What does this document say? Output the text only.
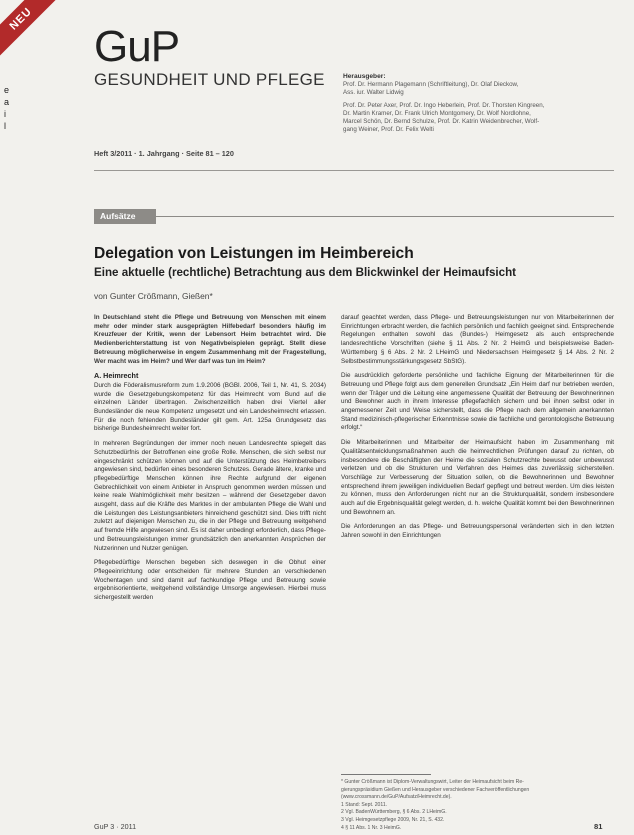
NEU
e
a
i
l
GuP
GESUNDHEIT UND PFLEGE	Herausgeber:
Prof. Dr. Hermann Plagemann (Schriftleitung), Dr. Olaf Dieckow,
Ass. iur. Walter Lidwig
Prof. Dr. Peter Axer, Prof. Dr. Ingo Heberlein, Prof. Dr. Thorsten Kingreen,
Dr. Martin Kramer, Dr. Frank Ulrich Montgomery, Dr. Wolf Nordlohne,
Marcel Schön, Dr. Bernd Schulze, Prof. Dr. Katrin Weidenbrecher, Wolf-
gang Weiner, Prof. Dr. Felix Welti
Heft 3/2011 · 1. Jahrgang · Seite 81 – 120
Aufsätze
Delegation von Leistungen im Heimbereich
Eine aktuelle (rechtliche) Betrachtung aus dem Blickwinkel der Heimaufsicht
von Gunter Crößmann, Gießen*

In Deutschland steht die Pflege und Betreuung von Menschen mit einem mehr oder minder stark ausgeprägten Hilfebedarf besonders häufig im Kreuzfeuer der Kritik, wenn der Lebensort Heim betrachtet wird. Die Medienberichterstattung ist von Negativbeispielen geprägt. Stellt diese Betreuung möglicherweise in engem Zusammenhang mit der Fragestellung, Wer macht was im Heim? und Wer darf was tun im Heim?

A. Heimrecht

Durch die Föderalismusreform zum 1.9.2006 (BGBl. 2006, Teil 1, Nr. 41, S. 2034) wurde die Gesetzgebungskompetenz für das Heimrecht vom Bund auf die einzelnen Länder übertragen. Zwischenzeitlich haben drei Viertel aller Bundesländer die neue Kompetenz umgesetzt und ein Landesheimrecht erlassen. Für die noch fehlenden Bundesländer gilt gem. Art. 125a Grundgesetz das bisherige Bundesheimrecht weiter fort.

In mehreren Begründungen der immer noch neuen Landesrechte spiegelt das Schutzbedürfnis der Betroffenen eine große Rolle. Menschen, die sich selbst nur eingeschränkt schützen können und auf die Unterstützung des Heimbetreibers angewiesen sind, bedürfen eines besonderen Schutzes. Gerade ältere, kranke und pflegebedürftige Menschen können ihre Rechte aufgrund der eigenen Gebrechlichkeit von einem Anbieter in Anspruch genommen werden müssen und keine reale Wahlmöglichkeit mehr besitzen – während der Gesetzgeber davon ausgeht, dass auf die Kräfte des Marktes in der ambulanten Pflege die Wahl und die Leistungen des Leistungsanbieters hinreichend geschützt sind. Dies trifft nicht zuletzt auf diejenigen Menschen zu, die in der Pflege und Betreuung weitgehend auf fremde Hilfe angewiesen sind. Es ist daher unbedingt erforderlich, dass Pflege- und Betreuungsleistungen immer grundsätzlich den anerkannten Ansprüchen der Nutzerinnen und Nutzer genügen.

Pflegebedürftige Menschen begeben sich deswegen in die Obhut einer Pflegeeinrichtung oder entscheiden für mehrere Stunden an verschiedenen Wochentagen und sind damit auf fachkundige Pflege und Betreuung sowie ergebnisorientierte, weitgehend vollständige Umsorge angewiesen. Hierbei muss sichergestellt werden

darauf geachtet werden, dass Pflege- und Betreuungsleistungen nur von Mitarbeiterinnen der Einrichtungen erbracht werden, die fachlich persönlich und fachlich geeignet sind. Entsprechende Regelungen enthalten sowohl das (Bundes-) Heimgesetz als auch entsprechende landesrechtliche Vorschriften (siehe § 11 Abs. 2 Nr. 2 HeimG und beispielsweise Baden-Württemberg § 6 Abs. 2 Nr. 2 LHeimG und Niedersachsen Heimgesetz § 14 Abs. 2 Nr. 2 Selbstbestimmungsstärkungsgesetz SbStG).

Die ausdrücklich geforderte persönliche und fachliche Eignung der Mitarbeiterinnen für die Betreuung und Pflege folgt aus dem generellen Grundsatz „Ein Heim darf nur betrieben werden, wenn der Träger und die Leitung eine angemessene Qualität der Betreuung der Bewohnerinnen und Bewohner auch in ihrem Interesse pflegefachlich sichern und bei ihnen selbst oder in angemessener Zeit und Weise sicherstellt, dass die Pflege nach dem allgemein anerkannten Stand medizinisch-pflegerischer Erkenntnisse sowie die fachliche und gerontologische Betreuung erfolgt.“

Die Mitarbeiterinnen und Mitarbeiter der Heimaufsicht haben im Zusammenhang mit Qualitätsentwicklungsmaßnahmen auch die heimrechtlichen Prüfungen darauf zu richten, ob insbesondere die Beschäftigten der Heime die sozialen Schutzrechte bewusst oder unbewusst verletzen und ob die Strukturen und Verfahren des Heimes das zuverlässig sicherstellen. Vorschläge zur Verbesserung der Situation sollen, ob die Bewohnerinnen und Bewohner entsprechend ihrem jeweiligen individuellen Bedarf gepflegt und betreut werden. Um dies leisten zu können, muss den Anforderungen nicht nur an die Strukturqualität, sondern insbesondere auch auf die Ergebnisqualität gelegt werden, d. h. welche Qualität kommt bei den Bewohnerinnen und Bewohnern an.

Die Anforderungen an das Pflege- und Betreuungspersonal veränderten sich in den letzten Jahren sowohl in den Einrichtungen

* Gunter Crößmann ist Diplom-Verwaltungswirt, Leiter der Heimaufsicht beim Re-
gierungspräsidium Gießen und Herausgeber verschiedener Fachveröffentlichungen
(www.crossmann.de/GuP/Aufsatz/Heimrecht.de).
1 Stand: Sept. 2011.
2 Vgl. BadenWürttemberg, § 6 Abs. 2 LHeimG.
3 Vgl. Heimgesetzpflege 2009, Nr. 21, S. 432.
4 § 11 Abs. 1 Nr. 3 HeimG.
GuP 3 · 2011	81
